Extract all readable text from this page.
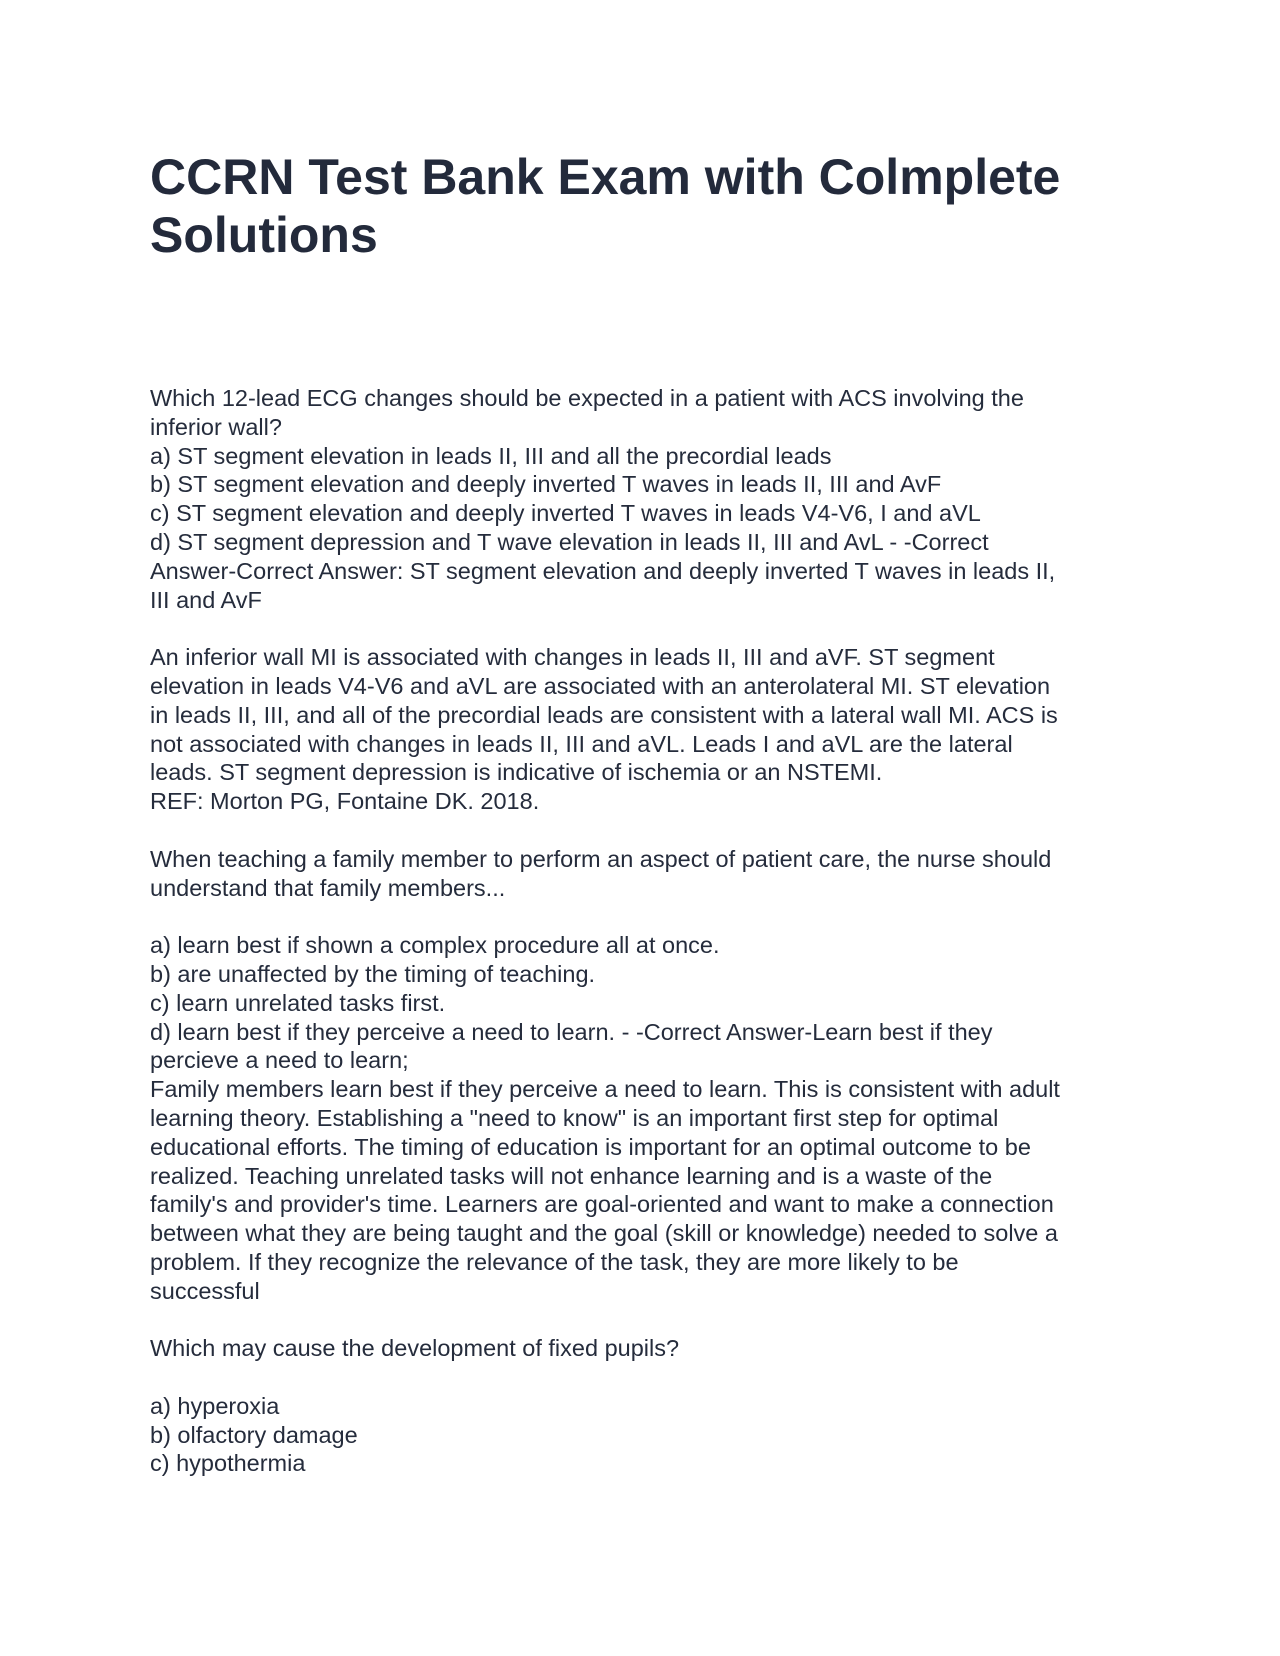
CCRN Test Bank Exam with Colmplete Solutions
Which 12-lead ECG changes should be expected in a patient with ACS involving the
inferior wall?
a) ST segment elevation in leads II, III and all the precordial leads
b) ST segment elevation and deeply inverted T waves in leads II, III and AvF
c) ST segment elevation and deeply inverted T waves in leads V4-V6, I and aVL
d) ST segment depression and T wave elevation in leads II, III and AvL - -Correct
Answer-Correct Answer: ST segment elevation and deeply inverted T waves in leads II,
III and AvF
An inferior wall MI is associated with changes in leads II, III and aVF. ST segment
elevation in leads V4-V6 and aVL are associated with an anterolateral MI. ST elevation
in leads II, III, and all of the precordial leads are consistent with a lateral wall MI. ACS is
not associated with changes in leads II, III and aVL. Leads I and aVL are the lateral
leads. ST segment depression is indicative of ischemia or an NSTEMI.
REF: Morton PG, Fontaine DK. 2018.
When teaching a family member to perform an aspect of patient care, the nurse should
understand that family members...
a) learn best if shown a complex procedure all at once.
b) are unaffected by the timing of teaching.
c) learn unrelated tasks first.
d) learn best if they perceive a need to learn. - -Correct Answer-Learn best if they
percieve a need to learn;
Family members learn best if they perceive a need to learn. This is consistent with adult
learning theory. Establishing a "need to know" is an important first step for optimal
educational efforts. The timing of education is important for an optimal outcome to be
realized. Teaching unrelated tasks will not enhance learning and is a waste of the
family's and provider's time. Learners are goal-oriented and want to make a connection
between what they are being taught and the goal (skill or knowledge) needed to solve a
problem. If they recognize the relevance of the task, they are more likely to be
successful
Which may cause the development of fixed pupils?
a) hyperoxia
b) olfactory damage
c) hypothermia
